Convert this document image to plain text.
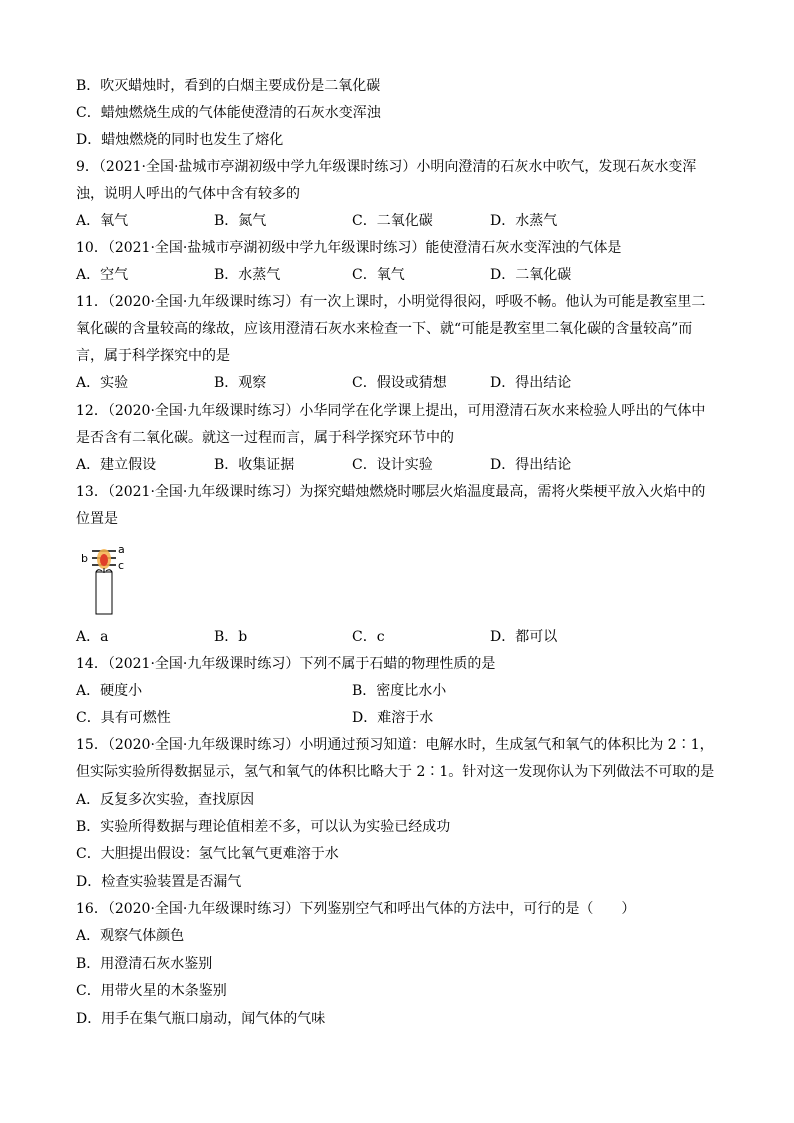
B．吹灭蜡烛时，看到的白烟主要成份是二氧化碳
C．蜡烛燃烧生成的气体能使澄清的石灰水变浑浊
D．蜡烛燃烧的同时也发生了熔化
9．（2021·全国·盐城市亭湖初级中学九年级课时练习）小明向澄清的石灰水中吹气，发现石灰水变浑
浊，说明人呼出的气体中含有较多的
A．氧气	B．氮气	C．二氧化碳	D．水蒸气
10．（2021·全国·盐城市亭湖初级中学九年级课时练习）能使澄清石灰水变浑浊的气体是
A．空气	B．水蒸气	C．氧气	D．二氧化碳
11．（2020·全国·九年级课时练习）有一次上课时，小明觉得很闷，呼吸不畅。他认为可能是教室里二
氧化碳的含量较高的缘故，应该用澄清石灰水来检查一下、就“可能是教室里二氧化碳的含量较高”而
言，属于科学探究中的是
A．实验	B．观察	C．假设或猜想	D．得出结论
12．（2020·全国·九年级课时练习）小华同学在化学课上提出，可用澄清石灰水来检验人呼出的气体中
是否含有二氧化碳。就这一过程而言，属于科学探究环节中的
A．建立假设	B．收集证据	C．设计实验	D．得出结论
13．（2021·全国·九年级课时练习）为探究蜡烛燃烧时哪层火焰温度最高，需将火柴梗平放入火焰中的
位置是
b
a
c
A．a	B．b	C．c	D．都可以
14．（2021·全国·九年级课时练习）下列不属于石蜡的物理性质的是
A．硬度小	B．密度比水小
C．具有可燃性	D．难溶于水
15．（2020·全国·九年级课时练习）小明通过预习知道：电解水时，生成氢气和氧气的体积比为 2∶1，
但实际实验所得数据显示，氢气和氧气的体积比略大于 2∶1。针对这一发现你认为下列做法不可取的是
A．反复多次实验，查找原因
B．实验所得数据与理论值相差不多，可以认为实验已经成功
C．大胆提出假设：氢气比氧气更难溶于水
D．检查实验装置是否漏气
16．（2020·全国·九年级课时练习）下列鉴别空气和呼出气体的方法中，可行的是（　　）
A．观察气体颜色
B．用澄清石灰水鉴别
C．用带火星的木条鉴别
D．用手在集气瓶口扇动，闻气体的气味
